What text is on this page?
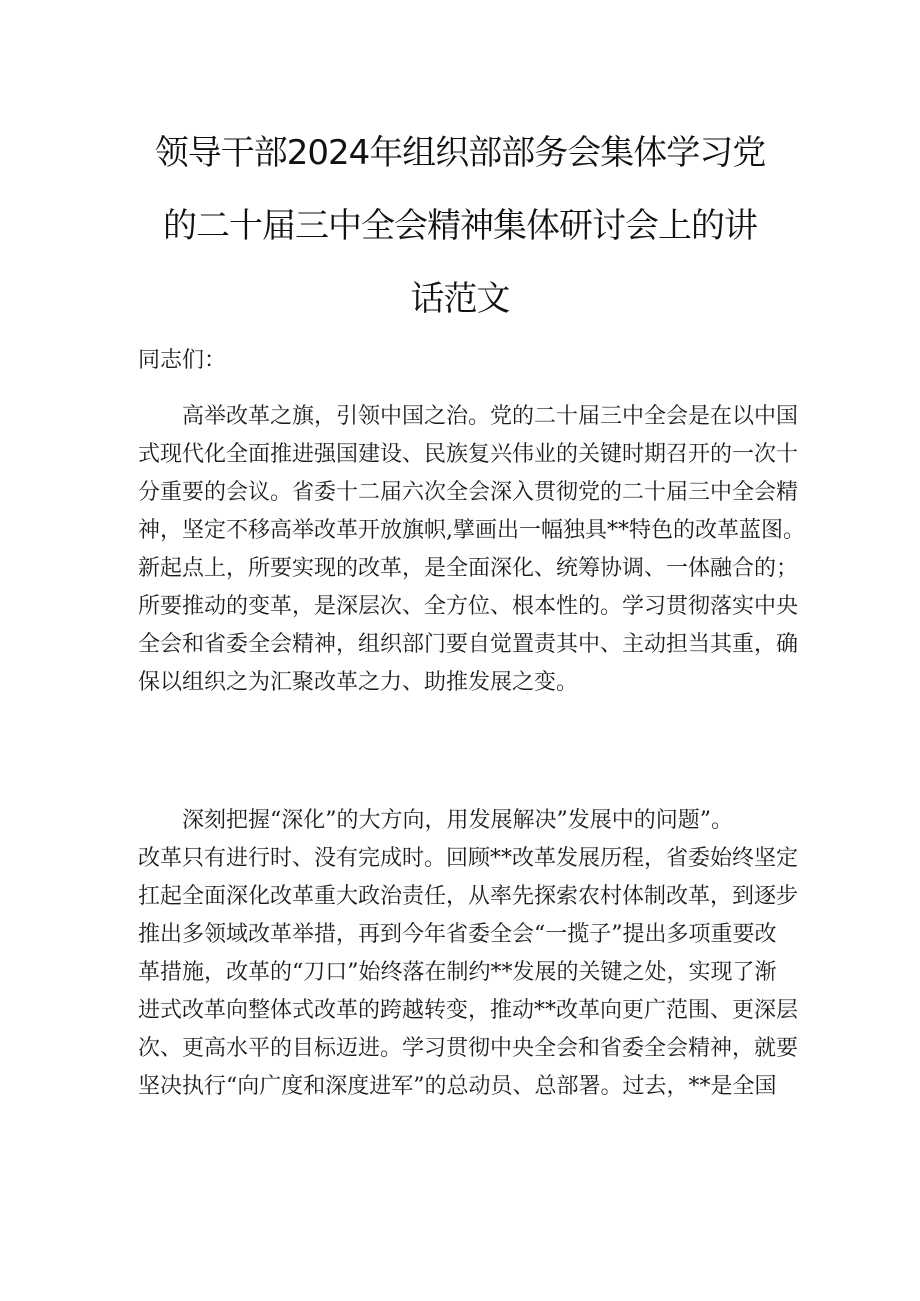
领导干部2024年组织部部务会集体学习党
的二十届三中全会精神集体研讨会上的讲
话范文

同志们：

　　高举改革之旗，引领中国之治。党的二十届三中全会是在以中国
式现代化全面推进强国建设、民族复兴伟业的关键时期召开的一次十
分重要的会议。省委十二届六次全会深入贯彻党的二十届三中全会精
神，坚定不移高举改革开放旗帜,擘画出一幅独具**特色的改革蓝图。
新起点上，所要实现的改革，是全面深化、统筹协调、一体融合的；
所要推动的变革，是深层次、全方位、根本性的。学习贯彻落实中央
全会和省委全会精神，组织部门要自觉置责其中、主动担当其重，确
保以组织之为汇聚改革之力、助推发展之变。

　　深刻把握“深化”的大方向，用发展解决”发展中的问题”。
改革只有进行时、没有完成时。回顾**改革发展历程，省委始终坚定
扛起全面深化改革重大政治责任，从率先探索农村体制改革，到逐步
推出多领域改革举措，再到今年省委全会“一揽子”提出多项重要改
革措施，改革的“刀口”始终落在制约**发展的关键之处，实现了渐
进式改革向整体式改革的跨越转变，推动**改革向更广范围、更深层
次、更高水平的目标迈进。学习贯彻中央全会和省委全会精神，就要
坚决执行“向广度和深度进军”的总动员、总部署。过去，**是全国
